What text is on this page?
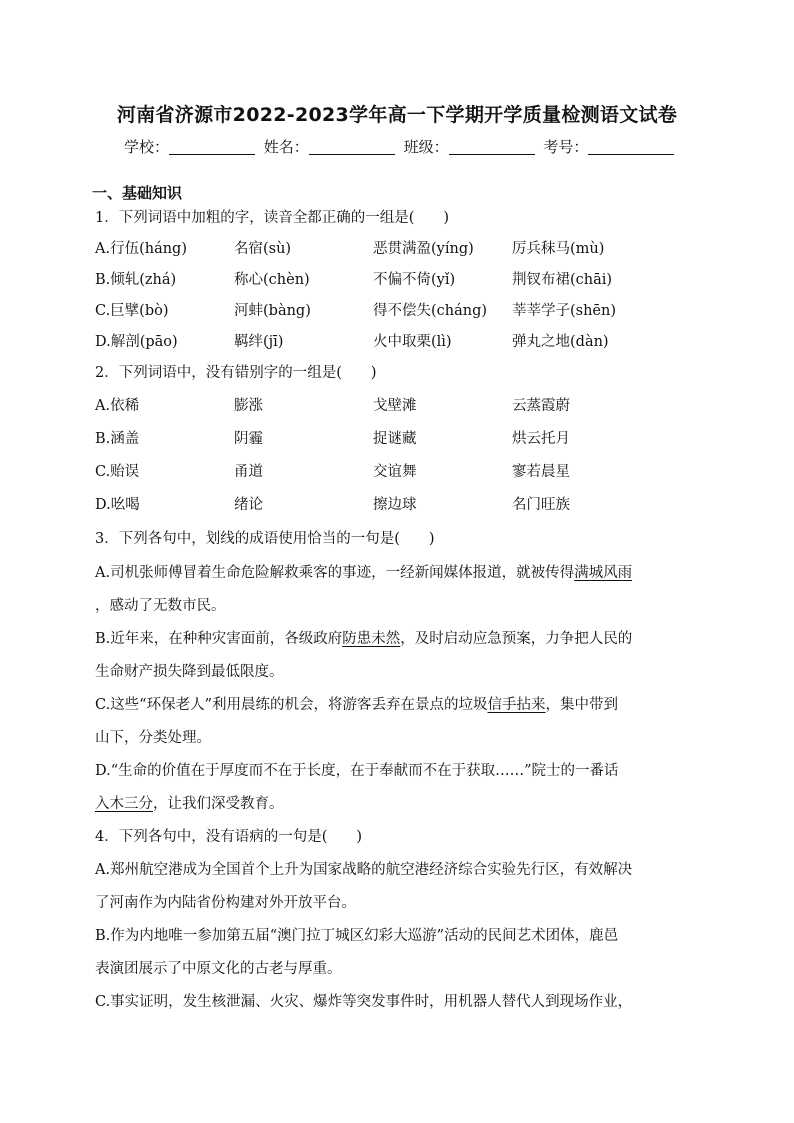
河南省济源市2022-2023学年高一下学期开学质量检测语文试卷
学校：	姓名：	班级：	考号：
一、基础知识
1．下列词语中加粗的字，读音全都正确的一组是(　　)
A.行伍(háng)	名宿(sù)	恶贯满盈(yíng)	厉兵秣马(mù)
B.倾轧(zhá)	称心(chèn)	不偏不倚(yǐ)	荆钗布裙(chāi)
C.巨擘(bò)	河蚌(bàng)	得不偿失(cháng) 莘莘学子(shēn)
D.解剖(pāo)	羁绊(jī)	火中取栗(lì)	弹丸之地(dàn)
2．下列词语中，没有错别字的一组是(　　)
A.依稀	膨涨	戈壁滩	云蒸霞蔚
B.涵盖	阴霾	捉谜藏	烘云托月
C.贻误	甬道	交谊舞	寥若晨星
D.吆喝	绪论	擦边球	名门旺族
3．下列各句中，划线的成语使用恰当的一句是(　　)
A.司机张师傅冒着生命危险解救乘客的事迹，一经新闻媒体报道，就被传得满城风雨
，感动了无数市民。
B.近年来，在种种灾害面前，各级政府防患未然，及时启动应急预案，力争把人民的
生命财产损失降到最低限度。
C.这些“环保老人”利用晨练的机会，将游客丢弃在景点的垃圾信手拈来，集中带到
山下，分类处理。
D.“生命的价值在于厚度而不在于长度，在于奉献而不在于获取……”院士的一番话
入木三分，让我们深受教育。
4．下列各句中，没有语病的一句是(　　)
A.郑州航空港成为全国首个上升为国家战略的航空港经济综合实验先行区，有效解决
了河南作为内陆省份构建对外开放平台。
B.作为内地唯一参加第五届“澳门拉丁城区幻彩大巡游”活动的民间艺术团体，鹿邑
表演团展示了中原文化的古老与厚重。
C.事实证明，发生核泄漏、火灾、爆炸等突发事件时，用机器人替代人到现场作业，
